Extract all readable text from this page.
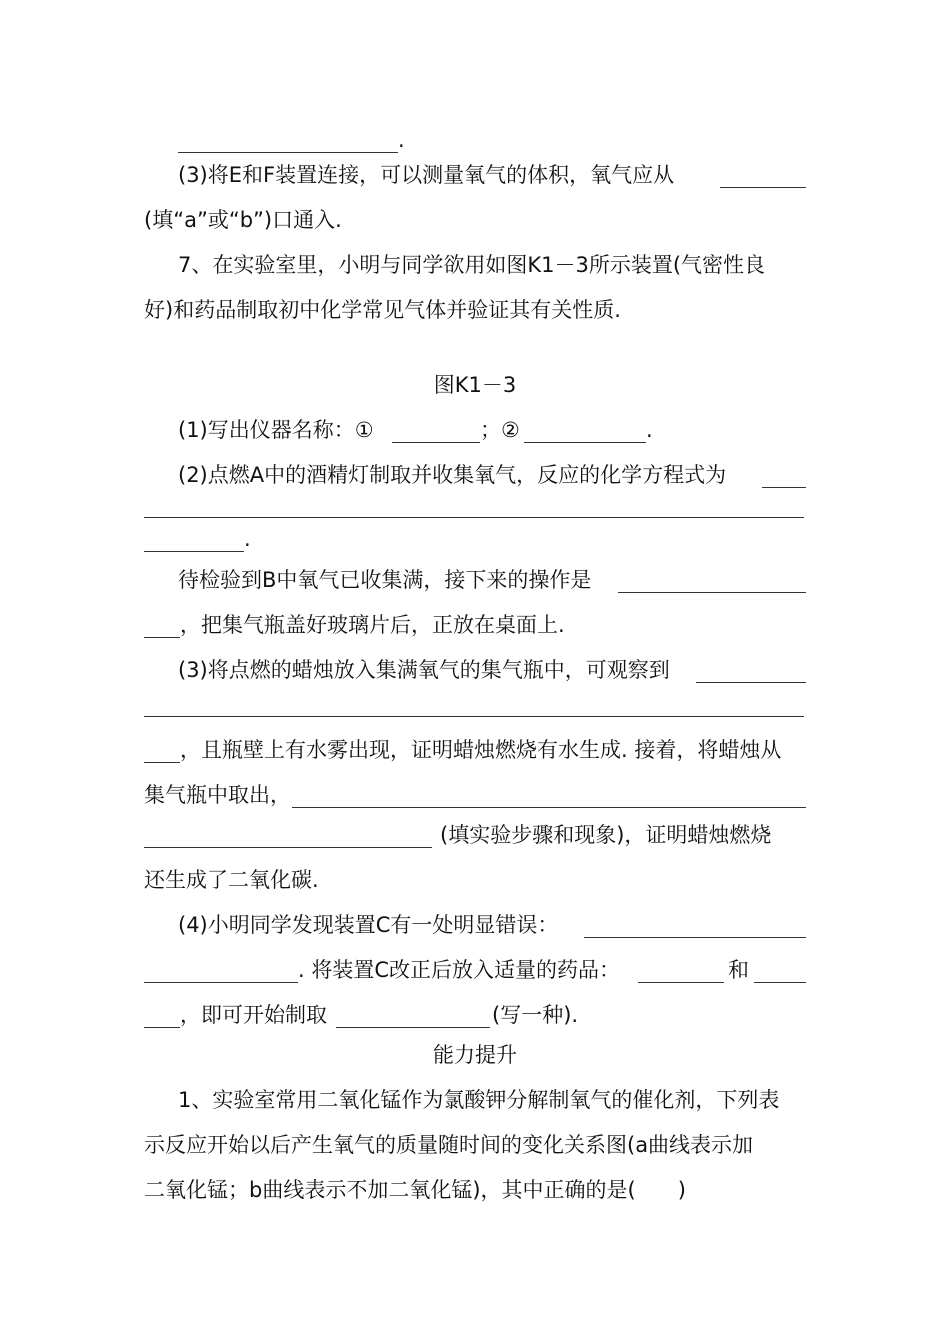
.
(3)将E和F装置连接，可以测量氧气的体积，氧气应从
(填“a”或“b”)口通入.
7、在实验室里，小明与同学欲用如图K1－3所示装置(气密性良
好)和药品制取初中化学常见气体并验证其有关性质.
图K1－3
(1)写出仪器名称：①	；②	.
(2)点燃A中的酒精灯制取并收集氧气，反应的化学方程式为
.
待检验到B中氧气已收集满，接下来的操作是
，把集气瓶盖好玻璃片后，正放在桌面上.
(3)将点燃的蜡烛放入集满氧气的集气瓶中，可观察到
，且瓶壁上有水雾出现，证明蜡烛燃烧有水生成. 接着，将蜡烛从
集气瓶中取出，
(填实验步骤和现象)，证明蜡烛燃烧
还生成了二氧化碳.
(4)小明同学发现装置C有一处明显错误：
. 将装置C改正后放入适量的药品：	和
，即可开始制取	(写一种).
能力提升
1、实验室常用二氧化锰作为氯酸钾分解制氧气的催化剂，下列表
示反应开始以后产生氧气的质量随时间的变化关系图(a曲线表示加
二氧化锰；b曲线表示不加二氧化锰)，其中正确的是(　　)
